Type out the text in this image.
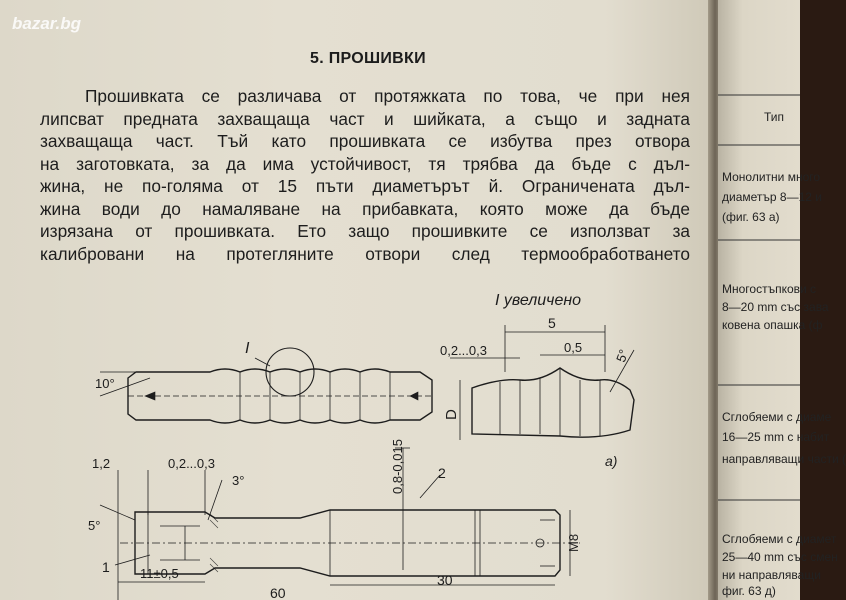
bazar.bg
5. ПРОШИВКИ
Прошивката се различава от протяжката по това, че при нея
липсват предната захващаща част и шийката, а също и задната
захващаща част. Тъй като прошивката се избутва през отвора
на заготовката, за да има устойчивост, тя трябва да бъде с дъл-
жина, не по-голяма от 15 пъти диаметърът й. Ограничената дъл-
жина води до намаляване на прибавката, която може да бъде
изрязана от прошивката. Ето защо прошивките се използват за
калибровани на протегляните отвори след термообработването
I увеличено
I
10°
5
0,2...0,3	0,5 5°
D
a)
1,2	0,2...0,3
3°
5°
0,8-0,015 2
1 11±0,5
60
30
M8
Тип
Монолитни много
диаметър 8—12 и
(фиг. 63 а)
Многостъпкови с
8—20 mm със зава
ковена опашка (ф
Сглобяеми с диаме
16—25 mm с набит
направляващи части (
Сглобяеми с диамет
25—40 mm със смен
ни направляващи
фиг. 63 д)
